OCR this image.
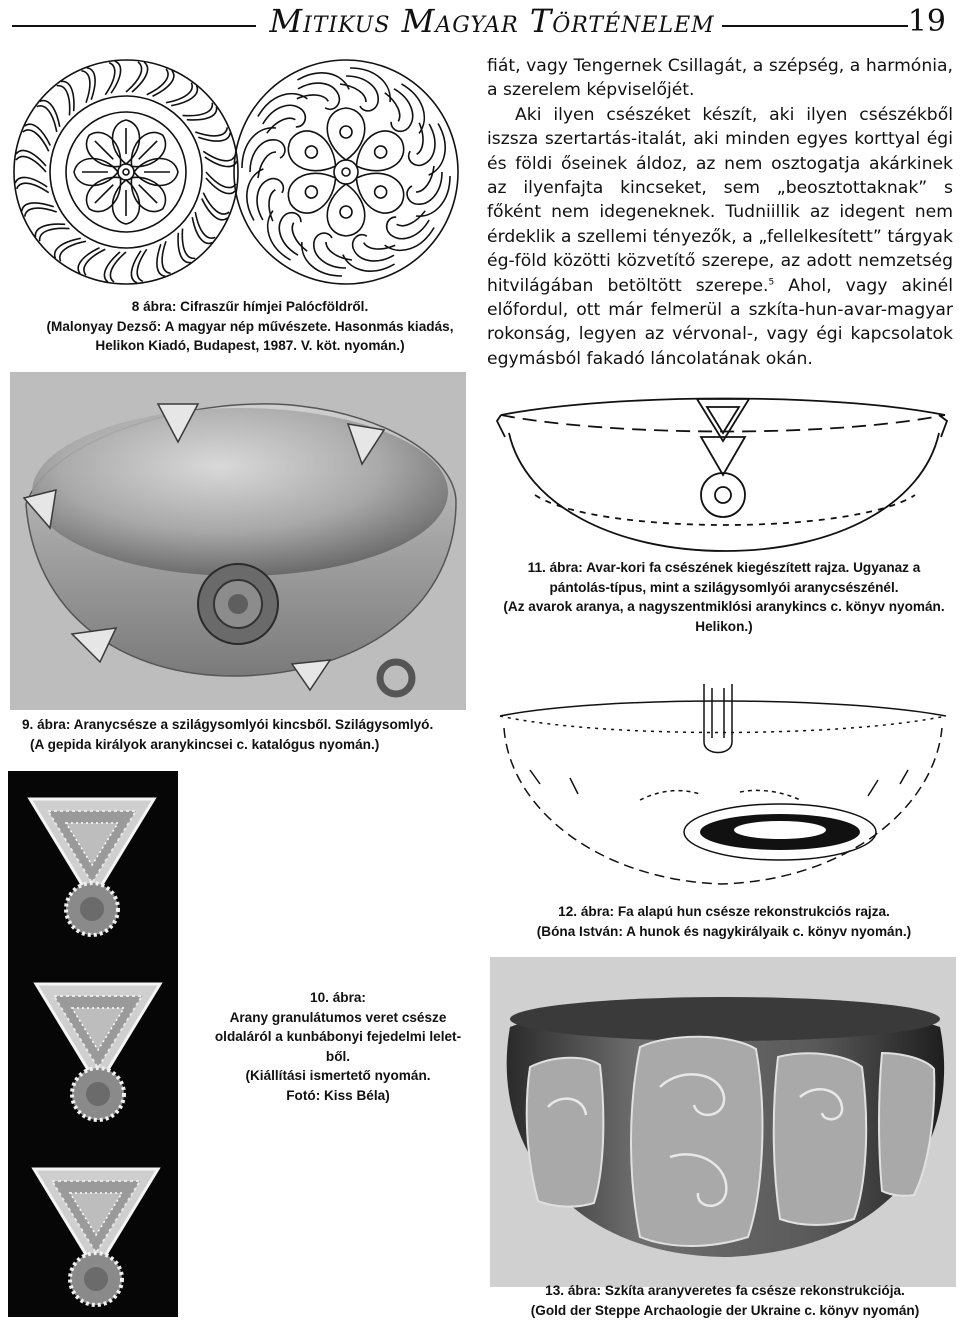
Mitikus Magyar Történelem	19
8 ábra: Cifraszűr hímjei Palócföldről.
(Malonyay Dezső: A magyar nép művészete. Hasonmás kiadás,
Helikon Kiadó, Budapest, 1987. V. köt. nyomán.)

fiát, vagy Tengernek Csillagát, a szépség, a harmónia, a szerelem képviselőjét.

Aki ilyen csészéket készít, aki ilyen csészékből iszsza szertartás-italát, aki minden egyes korttyal égi és földi őseinek áldoz, az nem osztogatja akárkinek az ilyenfajta kincseket, sem „beosztottaknak” s főként nem idegeneknek. Tudniillik az idegent nem érdeklik a szellemi tényezők, a „fellelkesített” tárgyak ég-föld közötti közvetítő szerepe, az adott nemzetség hitvilágában betöltött szerepe.$^5$ Ahol, vagy akinél előfordul, ott már felmerül a szkíta-hun-avar-magyar rokonság, legyen az vérvonal-, vagy égi kapcsolatok egymásból fakadó láncolatának okán.

9. ábra: Aranycsésze a szilágysomlyói kincsből. Szilágysomlyó.
(A gepida királyok aranykincsei c. katalógus nyomán.)
11. ábra: Avar-kori fa csészének kiegészített rajza. Ugyanaz a
pántolás-típus, mint a szilágysomlyói aranycsészénél.
(Az avarok aranya, a nagyszentmiklósi aranykincs c. könyv nyomán.
Helikon.)
12. ábra: Fa alapú hun csésze rekonstrukciós rajza.
(Bóna István: A hunok és nagykirályaik c. könyv nyomán.)
10. ábra:
Arany granulátumos veret csésze
oldaláról a kunbábonyi fejedelmi lelet-
ből.
(Kiállítási ismertető nyomán.
Fotó: Kiss Béla)
13. ábra: Szkíta aranyveretes fa csésze rekonstrukciója.
(Gold der Steppe Archaologie der Ukraine c. könyv nyomán)
